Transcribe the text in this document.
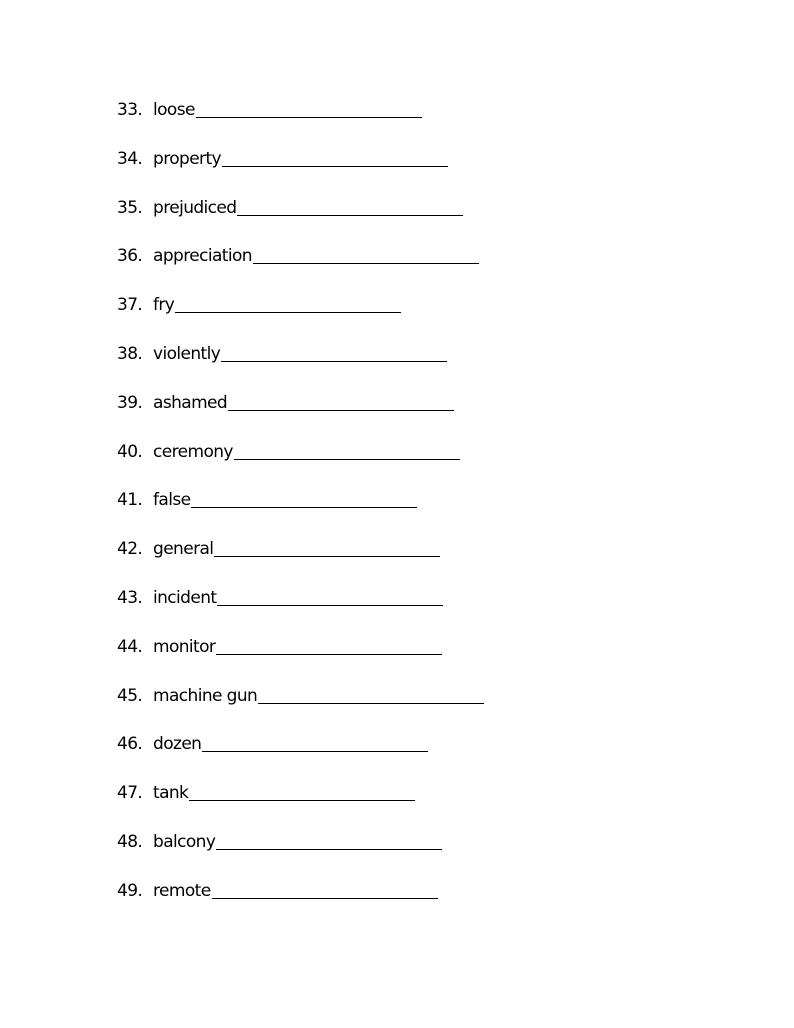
33. loose
34. property
35. prejudiced
36. appreciation
37. fry
38. violently
39. ashamed
40. ceremony
41. false
42. general
43. incident
44. monitor
45. machine gun
46. dozen
47. tank
48. balcony
49. remote
